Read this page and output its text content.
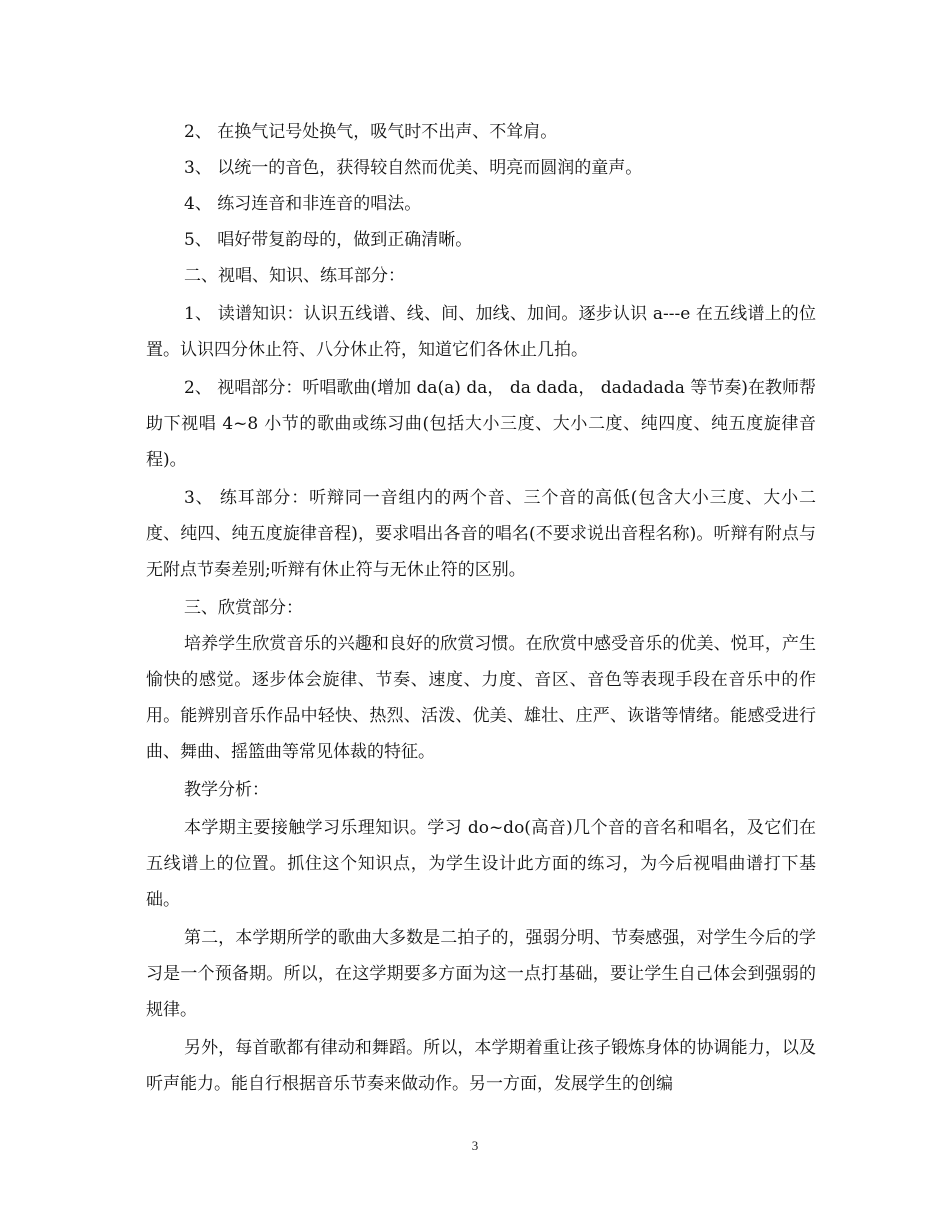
2、 在换气记号处换气，吸气时不出声、不耸肩。
3、 以统一的音色，获得较自然而优美、明亮而圆润的童声。
4、 练习连音和非连音的唱法。
5、 唱好带复韵母的，做到正确清晰。
二、视唱、知识、练耳部分：
1、 读谱知识：认识五线谱、线、间、加线、加间。逐步认识 a---e 在五线谱上的位置。认识四分休止符、八分休止符，知道它们各休止几拍。
2、 视唱部分：听唱歌曲(增加 da(a) da， da dada， dadadada 等节奏)在教师帮助下视唱 4~8 小节的歌曲或练习曲(包括大小三度、大小二度、纯四度、纯五度旋律音程)。
3、 练耳部分：听辩同一音组内的两个音、三个音的高低(包含大小三度、大小二度、纯四、纯五度旋律音程)，要求唱出各音的唱名(不要求说出音程名称)。听辩有附点与无附点节奏差别;听辩有休止符与无休止符的区别。
三、欣赏部分：
培养学生欣赏音乐的兴趣和良好的欣赏习惯。在欣赏中感受音乐的优美、悦耳，产生愉快的感觉。逐步体会旋律、节奏、速度、力度、音区、音色等表现手段在音乐中的作用。能辨别音乐作品中轻快、热烈、活泼、优美、雄壮、庄严、诙谐等情绪。能感受进行曲、舞曲、摇篮曲等常见体裁的特征。
教学分析：
本学期主要接触学习乐理知识。学习 do~do(高音)几个音的音名和唱名，及它们在五线谱上的位置。抓住这个知识点，为学生设计此方面的练习，为今后视唱曲谱打下基础。
第二，本学期所学的歌曲大多数是二拍子的，强弱分明、节奏感强，对学生今后的学习是一个预备期。所以，在这学期要多方面为这一点打基础，要让学生自己体会到强弱的规律。
另外，每首歌都有律动和舞蹈。所以，本学期着重让孩子锻炼身体的协调能力，以及听声能力。能自行根据音乐节奏来做动作。另一方面，发展学生的创编
3
